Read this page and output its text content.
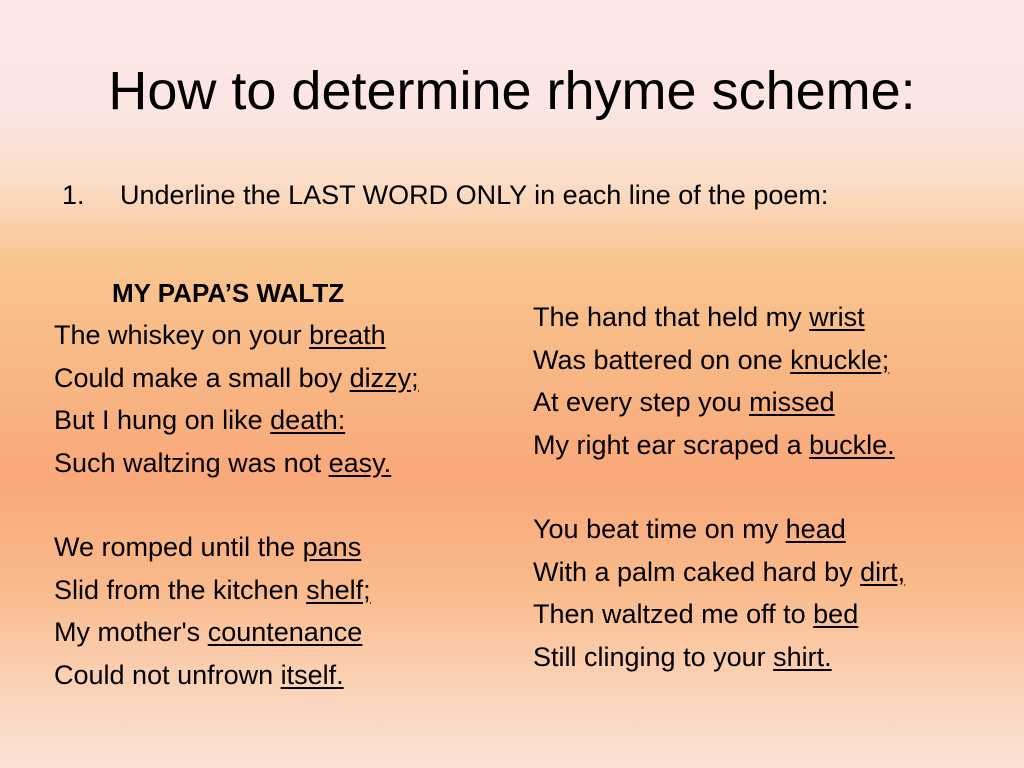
How to determine rhyme scheme:
1. Underline the LAST WORD ONLY in each line of the poem:
MY PAPA’S WALTZ
The whiskey on your breath
Could make a small boy dizzy;
But I hung on like death:
Such waltzing was not easy.
We romped until the pans
Slid from the kitchen shelf;
My mother's countenance
Could not unfrown itself.
The hand that held my wrist
Was battered on one knuckle;
At every step you missed
My right ear scraped a buckle.
You beat time on my head
With a palm caked hard by dirt,
Then waltzed me off to bed
Still clinging to your shirt.
